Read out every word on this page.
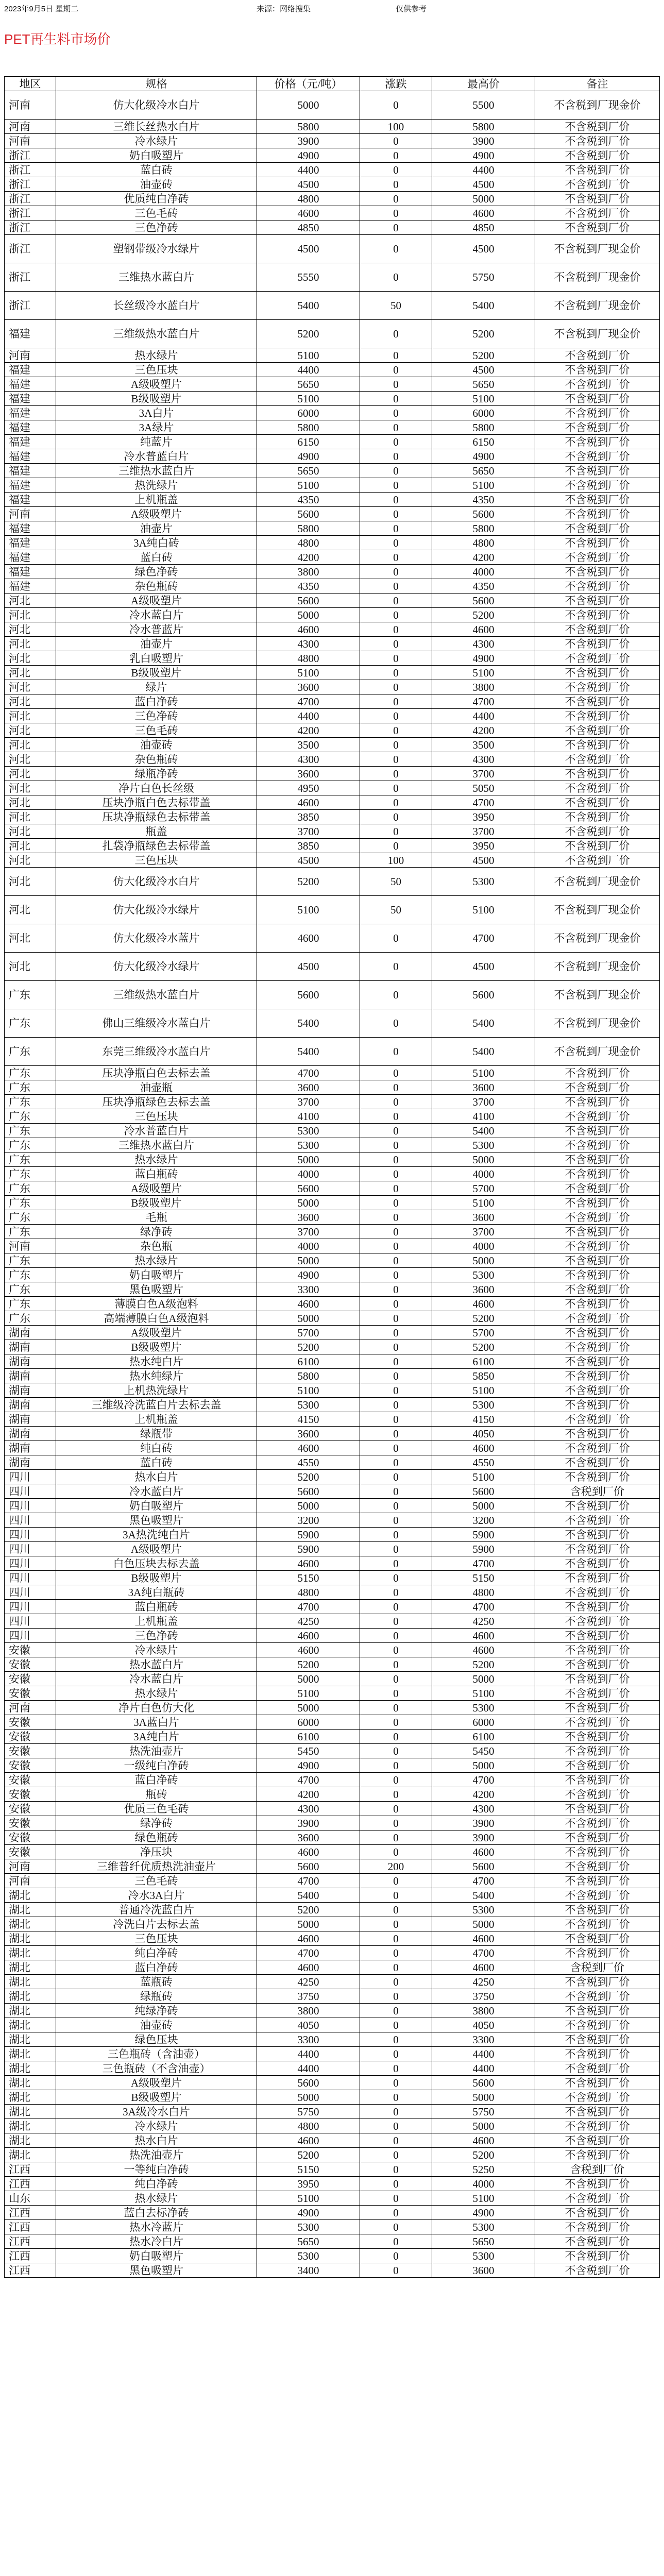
2023年9月5日 星期二	来源：网络搜集	仅供参考
PET再生料市场价
地区	规格	价格（元/吨）	涨跌	最高价	备注
河南	仿大化级冷水白片	5000	0	5500	不含税到厂现金价
河南	三维长丝热水白片	5800	100	5800	不含税到厂价
河南	冷水绿片	3900	0	3900	不含税到厂价
浙江	奶白吸塑片	4900	0	4900	不含税到厂价
浙江	蓝白砖	4400	0	4400	不含税到厂价
浙江	油壶砖	4500	0	4500	不含税到厂价
浙江	优质纯白净砖	4800	0	5000	不含税到厂价
浙江	三色毛砖	4600	0	4600	不含税到厂价
浙江	三色净砖	4850	0	4850	不含税到厂价
浙江	塑钢带级冷水绿片	4500	0	4500	不含税到厂现金价
浙江	三维热水蓝白片	5550	0	5750	不含税到厂现金价
浙江	长丝级冷水蓝白片	5400	50	5400	不含税到厂现金价
福建	三维级热水蓝白片	5200	0	5200	不含税到厂现金价
河南	热水绿片	5100	0	5200	不含税到厂价
福建	三色压块	4400	0	4500	不含税到厂价
福建	A级吸塑片	5650	0	5650	不含税到厂价
福建	B级吸塑片	5100	0	5100	不含税到厂价
福建	3A白片	6000	0	6000	不含税到厂价
福建	3A绿片	5800	0	5800	不含税到厂价
福建	纯蓝片	6150	0	6150	不含税到厂价
福建	冷水普蓝白片	4900	0	4900	不含税到厂价
福建	三维热水蓝白片	5650	0	5650	不含税到厂价
福建	热洗绿片	5100	0	5100	不含税到厂价
福建	上机瓶盖	4350	0	4350	不含税到厂价
河南	A级吸塑片	5600	0	5600	不含税到厂价
福建	油壶片	5800	0	5800	不含税到厂价
福建	3A纯白砖	4800	0	4800	不含税到厂价
福建	蓝白砖	4200	0	4200	不含税到厂价
福建	绿色净砖	3800	0	4000	不含税到厂价
福建	杂色瓶砖	4350	0	4350	不含税到厂价
河北	A级吸塑片	5600	0	5600	不含税到厂价
河北	冷水蓝白片	5000	0	5200	不含税到厂价
河北	冷水普蓝片	4600	0	4600	不含税到厂价
河北	油壶片	4300	0	4300	不含税到厂价
河北	乳白吸塑片	4800	0	4900	不含税到厂价
河北	B级吸塑片	5100	0	5100	不含税到厂价
河北	绿片	3600	0	3800	不含税到厂价
河北	蓝白净砖	4700	0	4700	不含税到厂价
河北	三色净砖	4400	0	4400	不含税到厂价
河北	三色毛砖	4200	0	4200	不含税到厂价
河北	油壶砖	3500	0	3500	不含税到厂价
河北	杂色瓶砖	4300	0	4300	不含税到厂价
河北	绿瓶净砖	3600	0	3700	不含税到厂价
河北	净片白色长丝级	4950	0	5050	不含税到厂价
河北	压块净瓶白色去标带盖	4600	0	4700	不含税到厂价
河北	压块净瓶绿色去标带盖	3850	0	3950	不含税到厂价
河北	瓶盖	3700	0	3700	不含税到厂价
河北	扎袋净瓶绿色去标带盖	3850	0	3950	不含税到厂价
河北	三色压块	4500	100	4500	不含税到厂价
河北	仿大化级冷水白片	5200	50	5300	不含税到厂现金价
河北	仿大化级冷水绿片	5100	50	5100	不含税到厂现金价
河北	仿大化级冷水蓝片	4600	0	4700	不含税到厂现金价
河北	仿大化级冷水绿片	4500	0	4500	不含税到厂现金价
广东	三维级热水蓝白片	5600	0	5600	不含税到厂现金价
广东	佛山三维级冷水蓝白片	5400	0	5400	不含税到厂现金价
广东	东莞三维级冷水蓝白片	5400	0	5400	不含税到厂现金价
广东	压块净瓶白色去标去盖	4700	0	5100	不含税到厂价
广东	油壶瓶	3600	0	3600	不含税到厂价
广东	压块净瓶绿色去标去盖	3700	0	3700	不含税到厂价
广东	三色压块	4100	0	4100	不含税到厂价
广东	冷水普蓝白片	5300	0	5400	不含税到厂价
广东	三维热水蓝白片	5300	0	5300	不含税到厂价
广东	热水绿片	5000	0	5000	不含税到厂价
广东	蓝白瓶砖	4000	0	4000	不含税到厂价
广东	A级吸塑片	5600	0	5700	不含税到厂价
广东	B级吸塑片	5000	0	5100	不含税到厂价
广东	毛瓶	3600	0	3600	不含税到厂价
广东	绿净砖	3700	0	3700	不含税到厂价
河南	杂色瓶	4000	0	4000	不含税到厂价
广东	热水绿片	5000	0	5000	不含税到厂价
广东	奶白吸塑片	4900	0	5300	不含税到厂价
广东	黑色吸塑片	3300	0	3600	不含税到厂价
广东	薄膜白色A级泡料	4600	0	4600	不含税到厂价
广东	高端薄膜白色A级泡料	5000	0	5200	不含税到厂价
湖南	A级吸塑片	5700	0	5700	不含税到厂价
湖南	B级吸塑片	5200	0	5200	不含税到厂价
湖南	热水纯白片	6100	0	6100	不含税到厂价
湖南	热水纯绿片	5800	0	5850	不含税到厂价
湖南	上机热洗绿片	5100	0	5100	不含税到厂价
湖南	三维级冷洗蓝白片去标去盖	5300	0	5300	不含税到厂价
湖南	上机瓶盖	4150	0	4150	不含税到厂价
湖南	绿瓶带	3600	0	4050	不含税到厂价
湖南	纯白砖	4600	0	4600	不含税到厂价
湖南	蓝白砖	4550	0	4550	不含税到厂价
四川	热水白片	5200	0	5100	不含税到厂价
四川	冷水蓝白片	5600	0	5600	含税到厂价
四川	奶白吸塑片	5000	0	5000	不含税到厂价
四川	黑色吸塑片	3200	0	3200	不含税到厂价
四川	3A热洗纯白片	5900	0	5900	不含税到厂价
四川	A级吸塑片	5900	0	5900	不含税到厂价
四川	白色压块去标去盖	4600	0	4700	不含税到厂价
四川	B级吸塑片	5150	0	5150	不含税到厂价
四川	3A纯白瓶砖	4800	0	4800	不含税到厂价
四川	蓝白瓶砖	4700	0	4700	不含税到厂价
四川	上机瓶盖	4250	0	4250	不含税到厂价
四川	三色净砖	4600	0	4600	不含税到厂价
安徽	冷水绿片	4600	0	4600	不含税到厂价
安徽	热水蓝白片	5200	0	5200	不含税到厂价
安徽	冷水蓝白片	5000	0	5000	不含税到厂价
安徽	热水绿片	5100	0	5100	不含税到厂价
河南	净片白色仿大化	5000	0	5300	不含税到厂价
安徽	3A蓝白片	6000	0	6000	不含税到厂价
安徽	3A纯白片	6100	0	6100	不含税到厂价
安徽	热洗油壶片	5450	0	5450	不含税到厂价
安徽	一级纯白净砖	4900	0	5000	不含税到厂价
安徽	蓝白净砖	4700	0	4700	不含税到厂价
安徽	瓶砖	4200	0	4200	不含税到厂价
安徽	优质三色毛砖	4300	0	4300	不含税到厂价
安徽	绿净砖	3900	0	3900	不含税到厂价
安徽	绿色瓶砖	3600	0	3900	不含税到厂价
安徽	净压块	4600	0	4600	不含税到厂价
河南	三维普纤优质热洗油壶片	5600	200	5600	不含税到厂价
河南	三色毛砖	4700	0	4700	不含税到厂价
湖北	冷水3A白片	5400	0	5400	不含税到厂价
湖北	普通冷洗蓝白片	5200	0	5300	不含税到厂价
湖北	冷洗白片去标去盖	5000	0	5000	不含税到厂价
湖北	三色压块	4600	0	4600	不含税到厂价
湖北	纯白净砖	4700	0	4700	不含税到厂价
湖北	蓝白净砖	4600	0	4600	含税到厂价
湖北	蓝瓶砖	4250	0	4250	不含税到厂价
湖北	绿瓶砖	3750	0	3750	不含税到厂价
湖北	纯绿净砖	3800	0	3800	不含税到厂价
湖北	油壶砖	4050	0	4050	不含税到厂价
湖北	绿色压块	3300	0	3300	不含税到厂价
湖北	三色瓶砖（含油壶）	4400	0	4400	不含税到厂价
湖北	三色瓶砖（不含油壶）	4400	0	4400	不含税到厂价
湖北	A级吸塑片	5600	0	5600	不含税到厂价
湖北	B级吸塑片	5000	0	5000	不含税到厂价
湖北	3A级冷水白片	5750	0	5750	不含税到厂价
湖北	冷水绿片	4800	0	5000	不含税到厂价
湖北	热水白片	4600	0	4600	不含税到厂价
湖北	热洗油壶片	5200	0	5200	不含税到厂价
江西	一等纯白净砖	5150	0	5250	含税到厂价
江西	纯白净砖	3950	0	4000	不含税到厂价
山东	热水绿片	5100	0	5100	不含税到厂价
江西	蓝白去标净砖	4900	0	4900	不含税到厂价
江西	热水冷蓝片	5300	0	5300	不含税到厂价
江西	热水冷白片	5650	0	5650	不含税到厂价
江西	奶白吸塑片	5300	0	5300	不含税到厂价
江西	黑色吸塑片	3400	0	3600	不含税到厂价
